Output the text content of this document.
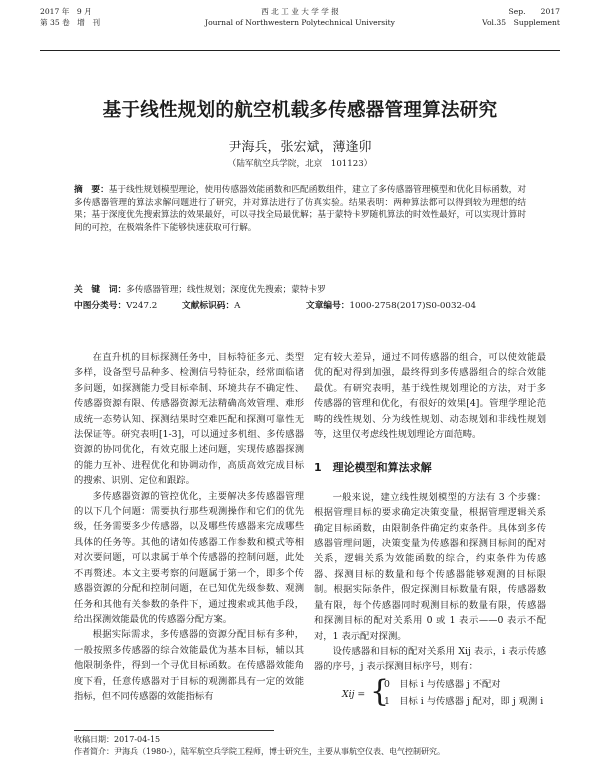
2017 年　9 月
第 35 卷　增　刊
西 北 工 业 大 学 学 报
Journal of Northwestern Polytechnical University
Sep.　　2017
Vol.35　Supplement
基于线性规划的航空机载多传感器管理算法研究
尹海兵，张宏斌，薄逢卯
（陆军航空兵学院，北京　101123）
摘　要：基于线性规划模型理论，使用传感器效能函数和匹配函数组件，建立了多传感器管理模型和优化目标函数，对多传感器管理的算法求解问题进行了研究，并对算法进行了仿真实验。结果表明：两种算法都可以得到较为理想的结果；基于深度优先搜索算法的效果最好，可以寻找全局最优解；基于蒙特卡罗随机算法的时效性最好，可以实现计算时间的可控，在极端条件下能够快速获取可行解。
关　键　词：多传感器管理；线性规划；深度优先搜索；蒙特卡罗
中图分类号：V247.2	文献标识码：A	文章编号：1000-2758(2017)S0-0032-04

在直升机的目标探测任务中，目标特征多元、类型多样，设备型号品种多、检测信号特征杂，经常面临诸多问题，如探测能力受目标牵制、环境共存不确定性、传感器资源有限、传感器资源无法精确高效管理、难形成统一态势认知、探测结果时空难匹配和探测可靠性无法保证等。研究表明[1-3]，可以通过多机组、多传感器资源的协同优化，有效克服上述问题，实现传感器探测的能力互补、进程优化和协调动作，高质高效完成目标的搜索、识别、定位和跟踪。

多传感器资源的管控优化，主要解决多传感器管理的以下几个问题：需要执行那些观测操作和它们的优先级，任务需要多少传感器，以及哪些传感器来完成哪些具体的任务等。其他的诸如传感器工作参数和模式等相对次要问题，可以隶属于单个传感器的控制问题，此处不再赘述。本文主要考察的问题属于第一个，即多个传感器资源的分配和控制问题，在已知优先级参数、观测任务和其他有关参数的条件下，通过搜索或其他手段，给出探测效能最优的传感器分配方案。

根据实际需求，多传感器的资源分配目标有多种，一般按照多传感器的综合效能最优为基本目标，辅以其他限制条件，得到一个寻优目标函数。在传感器效能角度下看，任意传感器对于目标的观测都具有一定的效能指标，但不同传感器的效能指标有

定有较大差异，通过不同传感器的组合，可以使效能最优的配对得到加强，最终得到多传感器组合的综合效能最优。有研究表明，基于线性规划理论的方法，对于多传感器的管理和优化，有很好的效果[4]。管理学理论范畴的线性规划、分为线性规划、动态规划和非线性规划等，这里仅考虑线性规划理论方面范畴。

1　理论模型和算法求解

一般来说，建立线性规划模型的方法有 3 个步骤：根据管理目标的要求确定决策变量，根据管理逻辑关系确定目标函数，由限制条件确定约束条件。具体到多传感器管理问题，决策变量为传感器和探测目标间的配对关系，逻辑关系为效能函数的综合，约束条件为传感器、探测目标的数量和每个传感器能够观测的目标限制。根据实际条件，假定探测目标数量有限，传感器数量有限，每个传感器同时观测目标的数量有限，传感器和探测目标的配对关系用 0 或 1 表示——0 表示不配对，1 表示配对探测。

设传感器和目标的配对关系用 Xij 表示，i 表示传感器的序号，j 表示探测目标序号，则有：

Xij = {
0　目标 i 与传感器 j 不配对
1　目标 i 与传感器 j 配对，即 j 观测 i
收稿日期：2017-04-15
作者简介：尹海兵（1980-），陆军航空兵学院工程师，博士研究生，主要从事航空仪表、电气控制研究。
